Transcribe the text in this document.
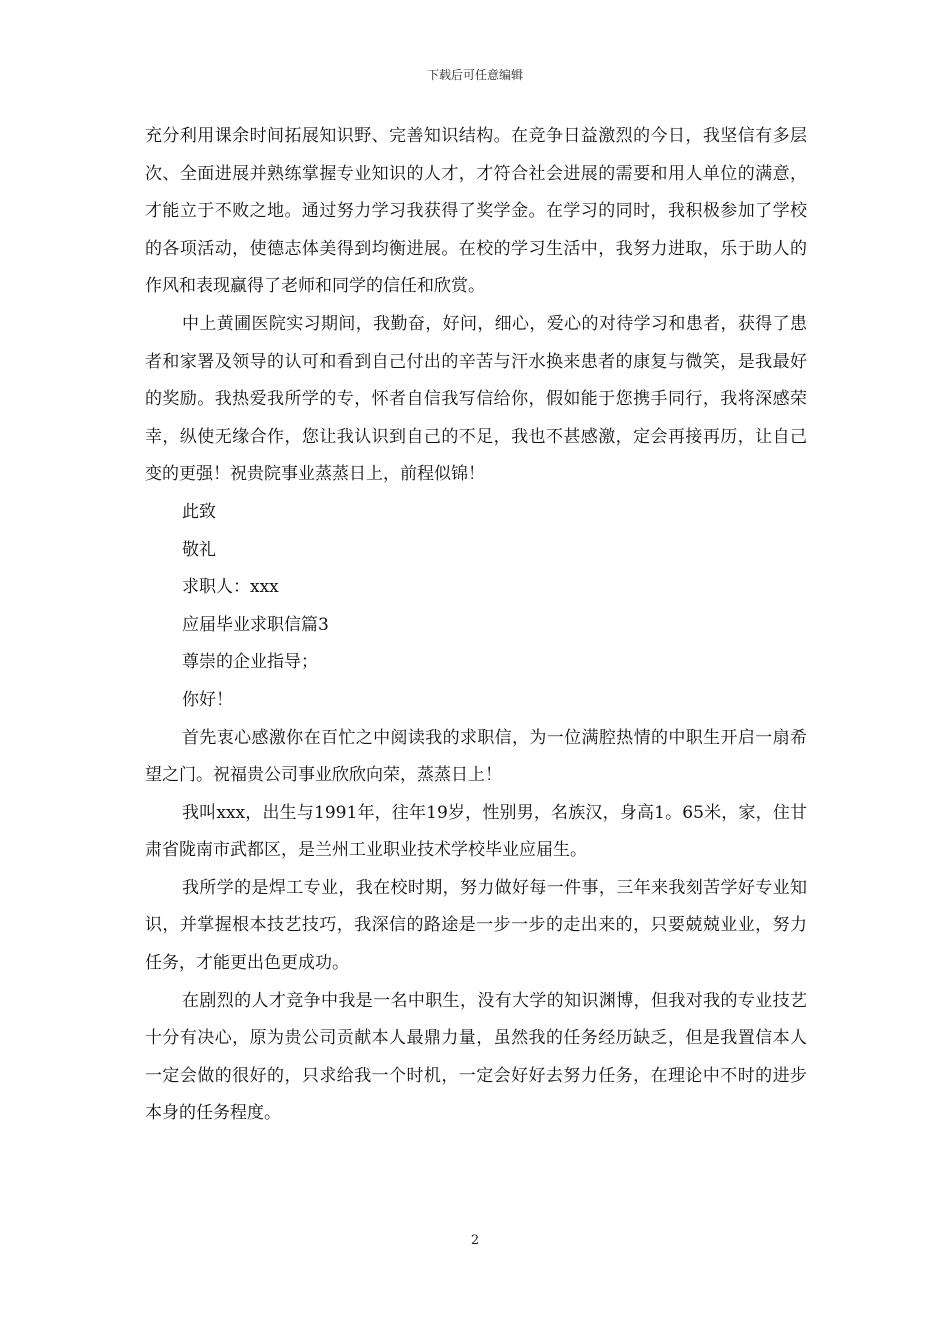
下载后可任意编辑

充分利用课余时间拓展知识野、完善知识结构。在竞争日益激烈的今日，我坚信有多层次、全面进展并熟练掌握专业知识的人才，才符合社会进展的需要和用人单位的满意，才能立于不败之地。通过努力学习我获得了奖学金。在学习的同时，我积极参加了学校的各项活动，使德志体美得到均衡进展。在校的学习生活中，我努力进取，乐于助人的作风和表现赢得了老师和同学的信任和欣赏。

中上黄圃医院实习期间，我勤奋，好问，细心，爱心的对待学习和患者，获得了患者和家署及领导的认可和看到自己付出的辛苦与汗水换来患者的康复与微笑，是我最好的奖励。我热爱我所学的专，怀者自信我写信给你，假如能于您携手同行，我将深感荣幸，纵使无缘合作，您让我认识到自己的不足，我也不甚感激，定会再接再历，让自己变的更强！祝贵院事业蒸蒸日上，前程似锦！

此致

敬礼

求职人：xxx

应届毕业求职信篇3

尊崇的企业指导；

你好！

首先衷心感激你在百忙之中阅读我的求职信，为一位满腔热情的中职生开启一扇希望之门。祝福贵公司事业欣欣向荣，蒸蒸日上！

我叫xxx，出生与1991年，往年19岁，性别男，名族汉，身高1。65米，家，住甘肃省陇南市武都区，是兰州工业职业技术学校毕业应届生。

我所学的是焊工专业，我在校时期，努力做好每一件事，三年来我刻苦学好专业知识，并掌握根本技艺技巧，我深信的路途是一步一步的走出来的，只要兢兢业业，努力任务，才能更出色更成功。

在剧烈的人才竞争中我是一名中职生，没有大学的知识渊博，但我对我的专业技艺十分有决心，原为贵公司贡献本人最鼎力量，虽然我的任务经历缺乏，但是我置信本人一定会做的很好的，只求给我一个时机，一定会好好去努力任务，在理论中不时的进步本身的任务程度。

2
